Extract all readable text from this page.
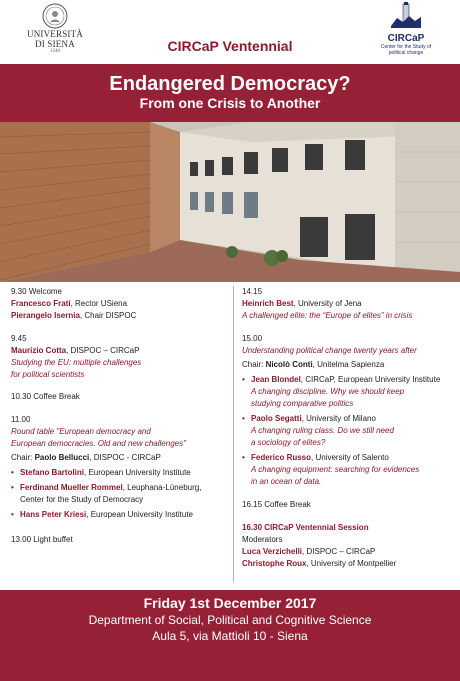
UNIVERSITÀ DI SIENA
1240	CIRCaP Ventennial	CIRCaP
Center for the Study of political change
Endangered Democracy?
From one Crisis to Another
9.30 Welcome
Francesco Frati, Rector USiena
Pierangelo Isernia, Chair DISPOC
9.45
Maurizio Cotta, DISPOC – CIRCaP
Studying the EU: multiple challenges
for political scientists
10.30 Coffee Break
11.00
Round table "European democracy and
European democracies. Old and new challenges"
Chair: Paolo Bellucci, DISPOC - CIRCaP
• Stefano Bartolini, European University Institute
• Ferdinand Mueller Rommel, Leuphana-Lüneburg,
Center for the Study of Democracy
• Hans Peter Kriesi, European University Institute
13.00 Light buffet
14.15
Heinrich Best, University of Jena
A challenged elite: the “Europe of elites” in crisis
15.00
Understanding political change twenty years after
Chair: Nicolò Conti, Unitelma Sapienza
• Jean Blondel, CIRCaP, European University Institute
A changing discipline. Why we should keep
studying comparative politics
• Paolo Segatti, University of Milano
A changing ruling class. Do we still need
a sociology of elites?
• Federico Russo, University of Salento
A changing equipment: searching for evidences
in an ocean of data.
16.15 Coffee Break
16.30 CIRCaP Ventennial Session
Moderators
Luca Verzichelli, DISPOC – CIRCaP
Christophe Roux, University of Montpellier
Friday 1st December 2017
Department of Social, Political and Cognitive Science
Aula 5, via Mattioli 10 - Siena
